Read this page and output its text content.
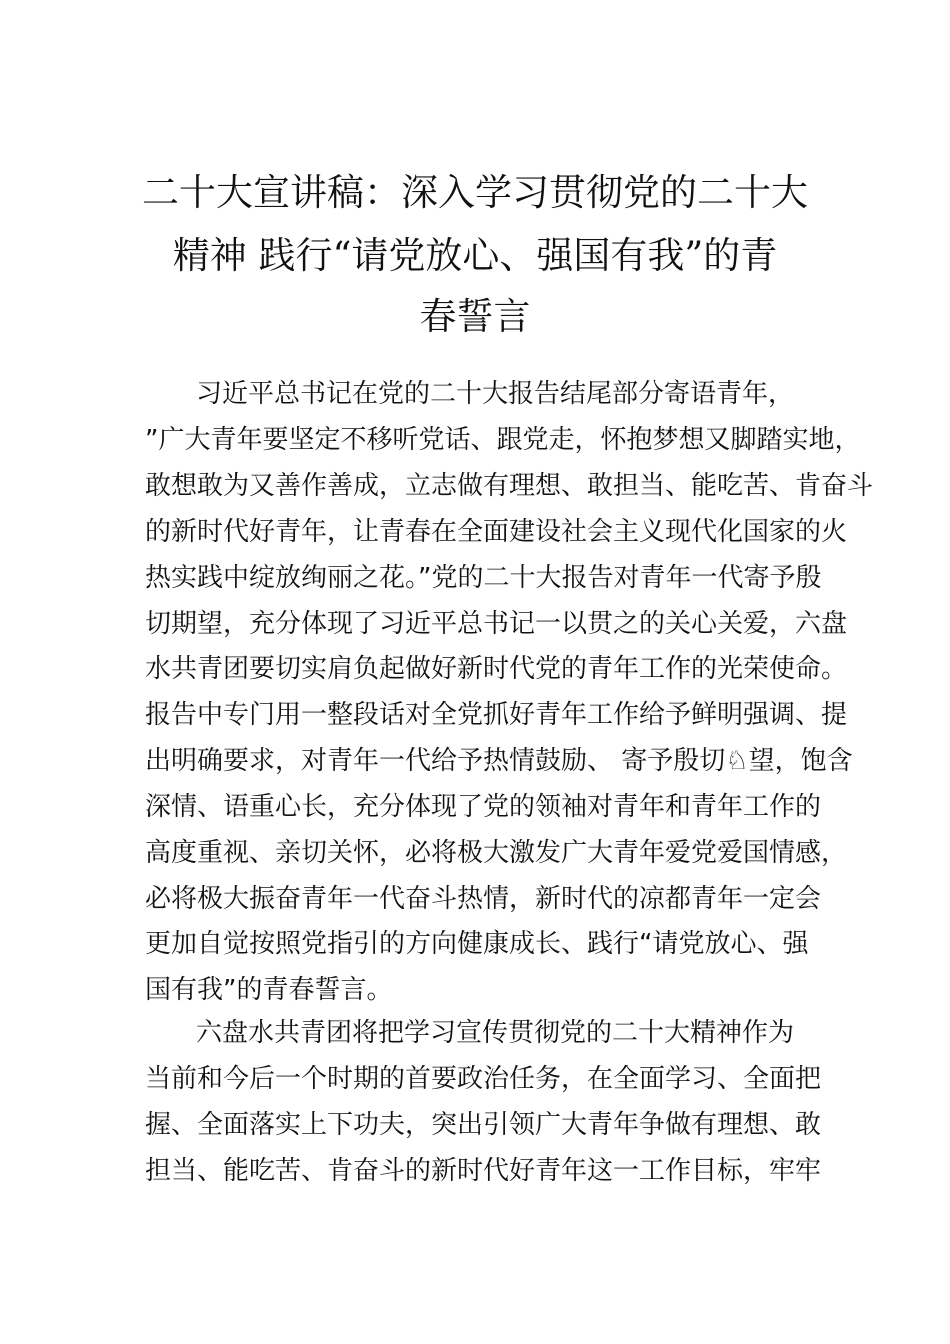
二十大宣讲稿：深入学习贯彻党的二十大
精神 践行“请党放心、强国有我”的青
春誓言
习近平总书记在党的二十大报告结尾部分寄语青年，
”广大青年要坚定不移听党话、跟党走，怀抱梦想又脚踏实地，
敢想敢为又善作善成，立志做有理想、敢担当、能吃苦、肯奋斗
的新时代好青年，让青春在全面建设社会主义现代化国家的火
热实践中绽放绚丽之花。”党的二十大报告对青年一代寄予殷
切期望，充分体现了习近平总书记一以贯之的关心关爱，六盘
水共青团要切实肩负起做好新时代党的青年工作的光荣使命。
报告中专门用一整段话对全党抓好青年工作给予鲜明强调、提
出明确要求，对青年一代给予热情鼓励、 寄予殷切♘望，饱含
深情、语重心长，充分体现了党的领袖对青年和青年工作的
高度重视、亲切关怀，必将极大激发广大青年爱党爱国情感，
必将极大振奋青年一代奋斗热情，新时代的凉都青年一定会
更加自觉按照党指引的方向健康成长、践行“请党放心、强
国有我”的青春誓言。
六盘水共青团将把学习宣传贯彻党的二十大精神作为
当前和今后一个时期的首要政治任务，在全面学习、全面把
握、全面落实上下功夫，突出引领广大青年争做有理想、敢
担当、能吃苦、肯奋斗的新时代好青年这一工作目标，牢牢
